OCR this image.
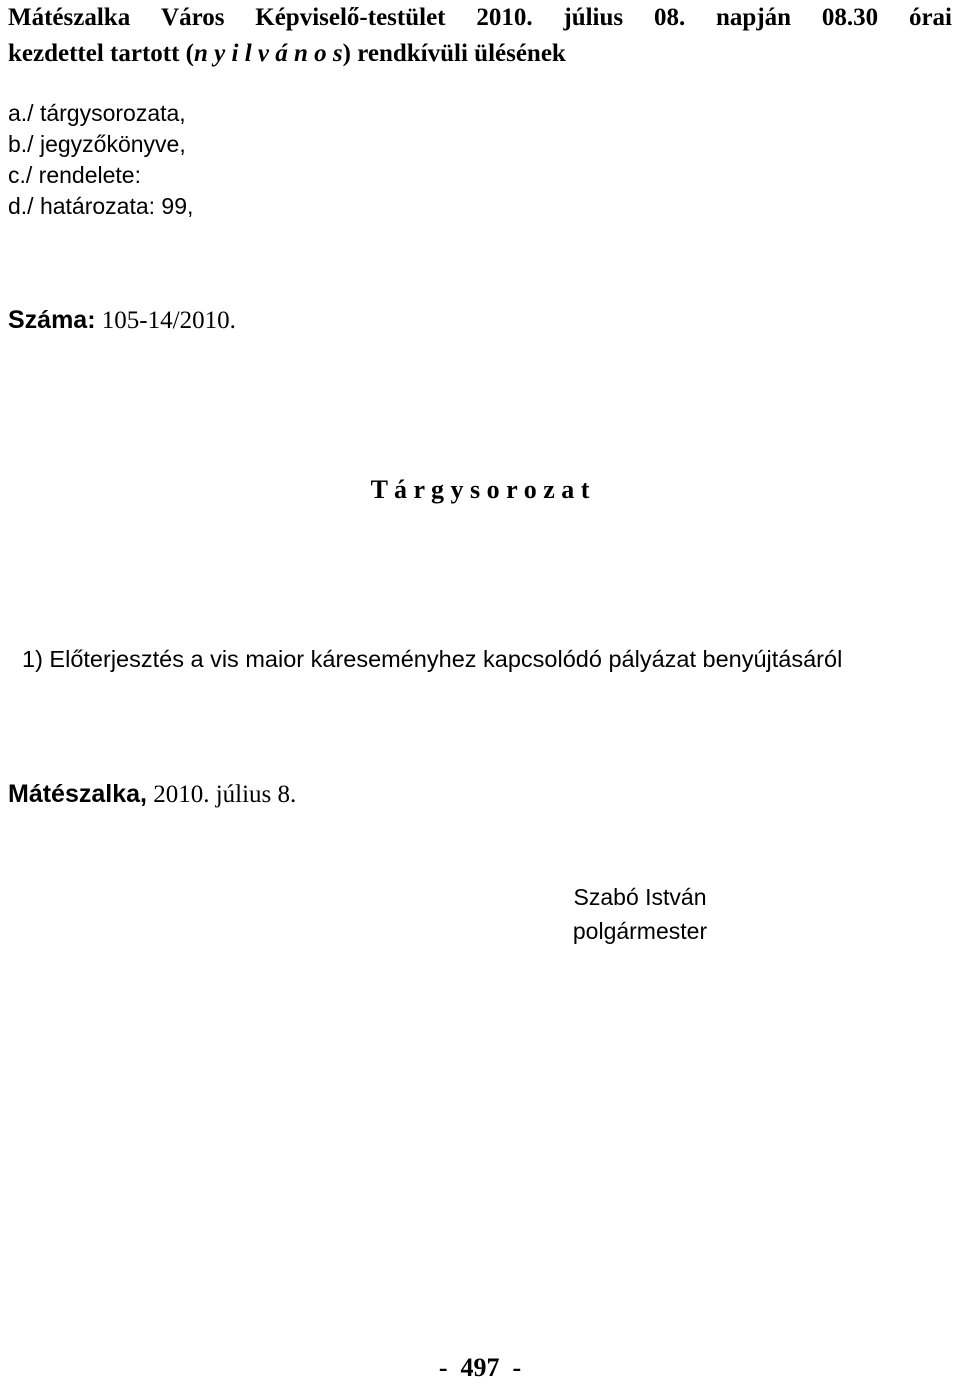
Mátészalka Város Képviselő-testület 2010. július 08. napján 08.30 órai
kezdettel tartott (n y i l v á n o s) rendkívüli ülésének
a./ tárgysorozata,
b./ jegyzőkönyve,
c./ rendelete:
d./ határozata: 99,
Száma: 105-14/2010.
T á r g y s o r o z a t
1) Előterjesztés a vis maior káreseményhez kapcsolódó pályázat benyújtásáról
Mátészalka, 2010. július 8.
Szabó István
polgármester
-  497  -
